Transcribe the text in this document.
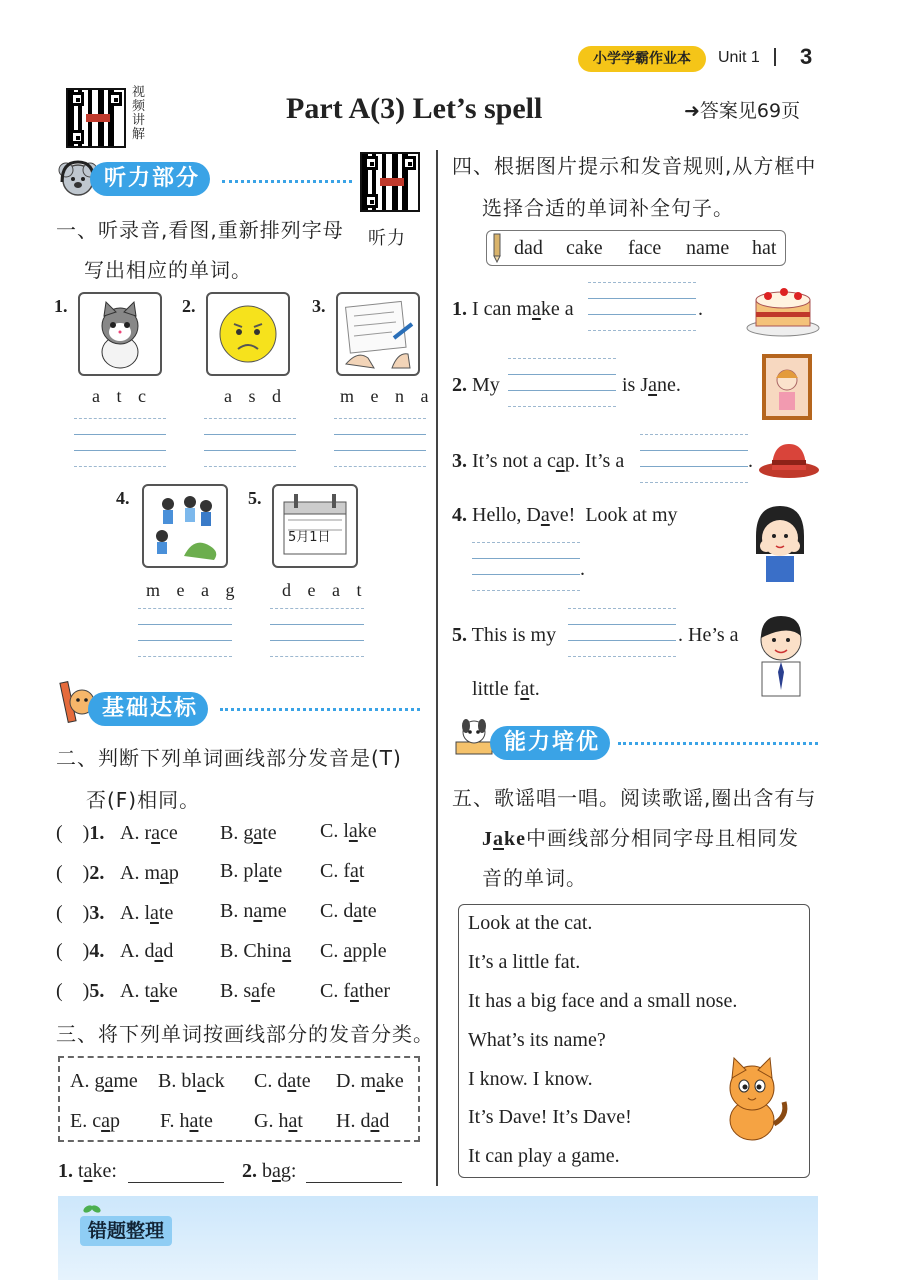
小学学霸作业本	Unit 1 3
视频讲解
Part A(3) Let’s spell	➜答案见69页
听力部分
听力
一、听录音,看图,重新排列字母
写出相应的单词。
1.
a t c
2.
a s d
3.
m e n a
4.
m e a g
5.
5月1日
d e a t
基础达标
二、判断下列单词画线部分发音是(T)
否(F)相同。
(    )1. A. race B. gate C. lake
(    )2. A. map B. plate C. fat
(    )3. A. late B. name C. date
(    )4. A. dad B. China C. apple
(    )5. A. take B. safe C. father
三、将下列单词按画线部分的发音分类。
A. game B. black C. date D. make
E. cap F. hate G. hat H. dad
1. take:	2. bag:
四、根据图片提示和发音规则,从方框中
选择合适的单词补全句子。
dad cake face name hat
1. I can make a	.
2. My	is Jane.
3. It’s not a cap. It’s a	.
4. Hello, Dave!  Look at my
.
5. This is my	. He’s a
little fat.
能力培优
五、歌谣唱一唱。阅读歌谣,圈出含有与
Jake中画线部分相同字母且相同发
音的单词。
Look at the cat.
It’s a little fat.
It has a big face and a small nose.
What’s its name?
I know. I know.
It’s Dave! It’s Dave!
It can play a game.
错题整理
